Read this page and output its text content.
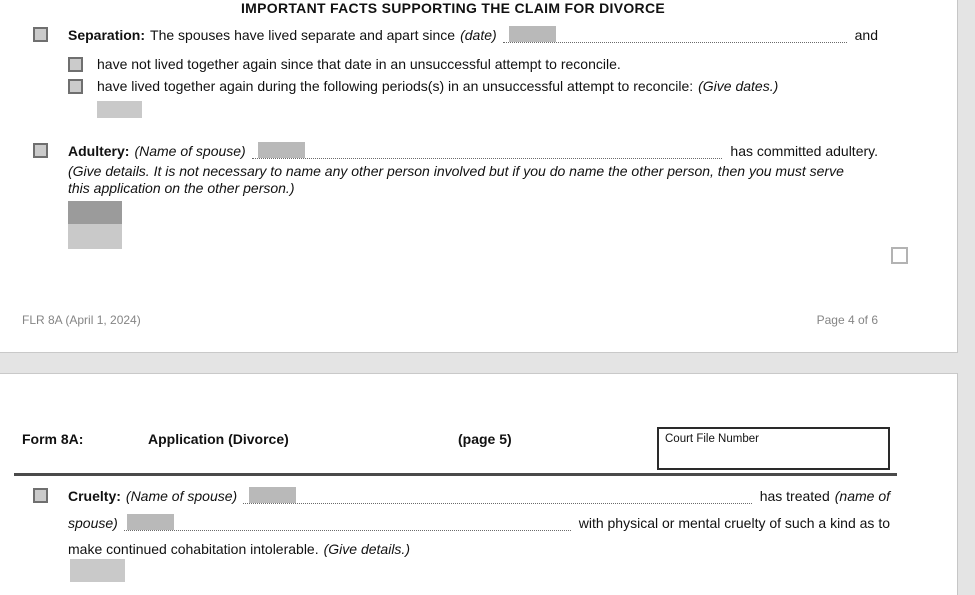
IMPORTANT FACTS SUPPORTING THE CLAIM FOR DIVORCE
Separation: The spouses have lived separate and apart since (date)	and
have not lived together again since that date in an unsuccessful attempt to reconcile.
have lived together again during the following periods(s) in an unsuccessful attempt to reconcile: (Give dates.)
Adultery: (Name of spouse)	has committed adultery.
(Give details. It is not necessary to name any other person involved but if you do name the other person, then you must serve
this application on the other person.)
FLR 8A (April 1, 2024)	Page 4 of 6
Form 8A:	Application (Divorce)	(page 5)	Court File Number
Cruelty: (Name of spouse)	has treated (name of
spouse)	with physical or mental cruelty of such a kind as to
make continued cohabitation intolerable. (Give details.)
